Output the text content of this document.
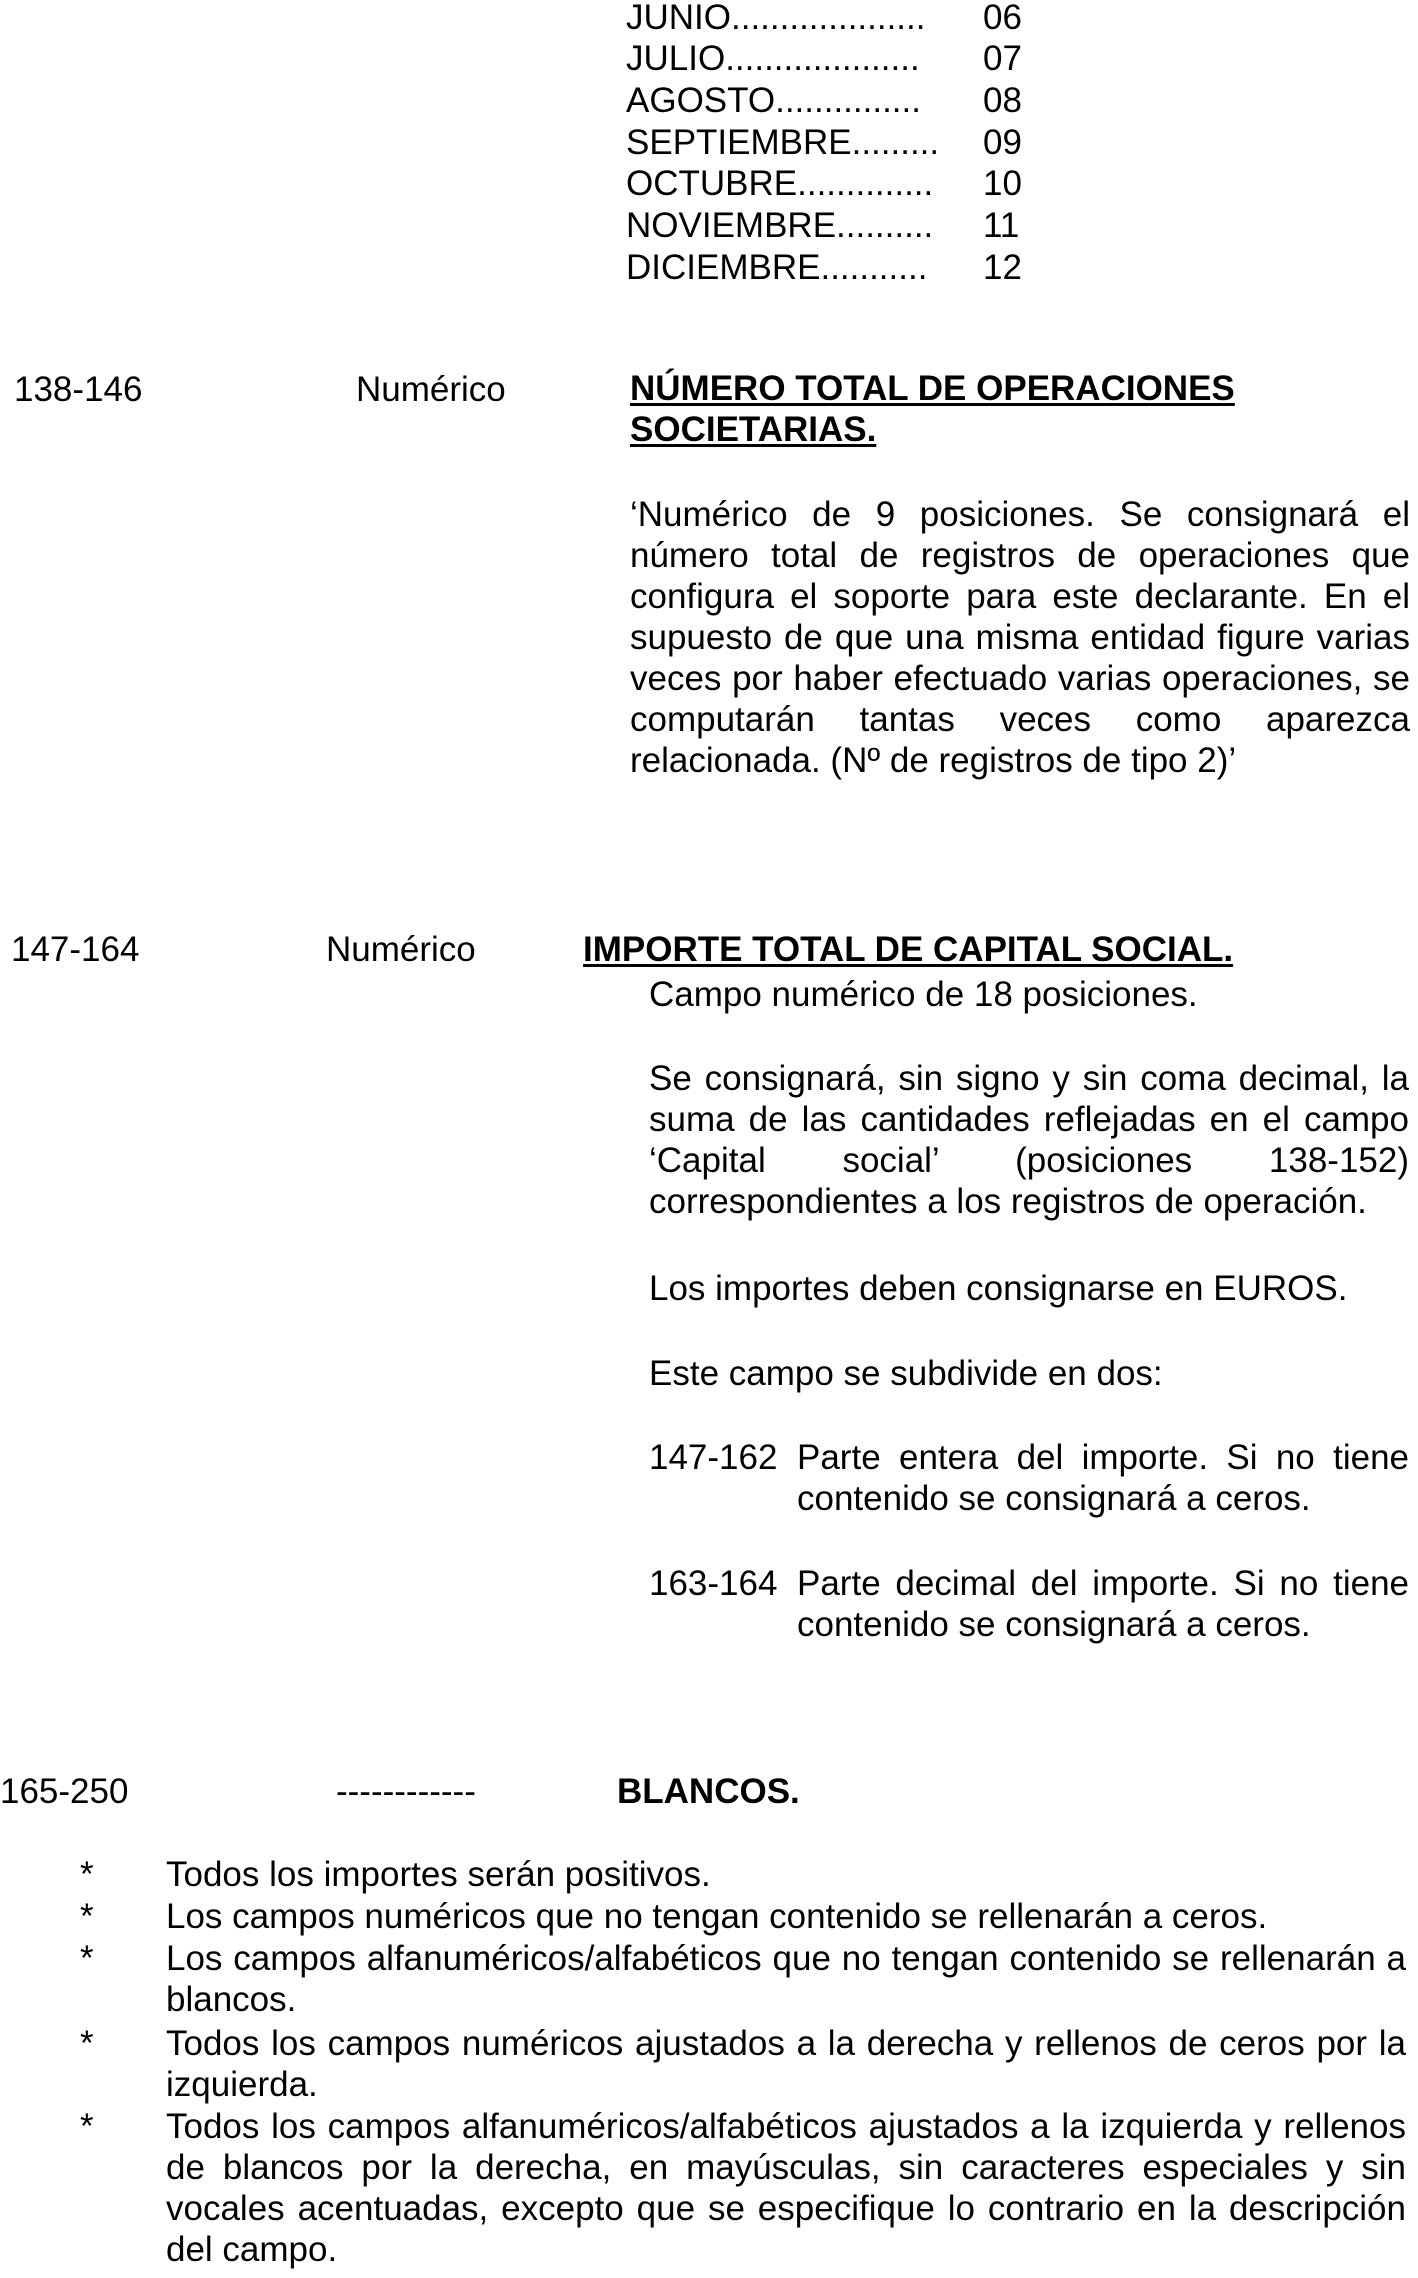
JUNIO.................... 06
JULIO.................... 07
AGOSTO............... 08
SEPTIEMBRE......... 09
OCTUBRE.............. 10
NOVIEMBRE.......... 11
DICIEMBRE........... 12
138-146	Numérico	NÚMERO TOTAL DE OPERACIONES
SOCIETARIAS.
‘Numérico de 9 posiciones. Se consignará el número total de registros de operaciones que configura el soporte para este declarante. En el supuesto de que una misma entidad figure varias veces por haber efectuado varias operaciones, se computarán tantas veces como aparezca relacionada. (Nº de registros de tipo 2)’
147-164	Numérico	IMPORTE TOTAL DE CAPITAL SOCIAL.
Campo numérico de 18 posiciones.
Se consignará, sin signo y sin coma decimal, la suma de las cantidades reflejadas en el campo ‘Capital social’ (posiciones 138-152) correspondientes a los registros de operación.
Los importes deben consignarse en EUROS.
Este campo se subdivide en dos:
147-162 Parte entera del importe. Si no tiene contenido se consignará a ceros.
163-164 Parte decimal del importe. Si no tiene contenido se consignará a ceros.
165-250	------------	BLANCOS.
* Todos los importes serán positivos.
* Los campos numéricos que no tengan contenido se rellenarán a ceros.
* Los campos alfanuméricos/alfabéticos que no tengan contenido se rellenarán a blancos.
* Todos los campos numéricos ajustados a la derecha y rellenos de ceros por la izquierda.
* Todos los campos alfanuméricos/alfabéticos ajustados a la izquierda y rellenos de blancos por la derecha, en mayúsculas, sin caracteres especiales y sin vocales acentuadas, excepto que se especifique lo contrario en la descripción del campo.
